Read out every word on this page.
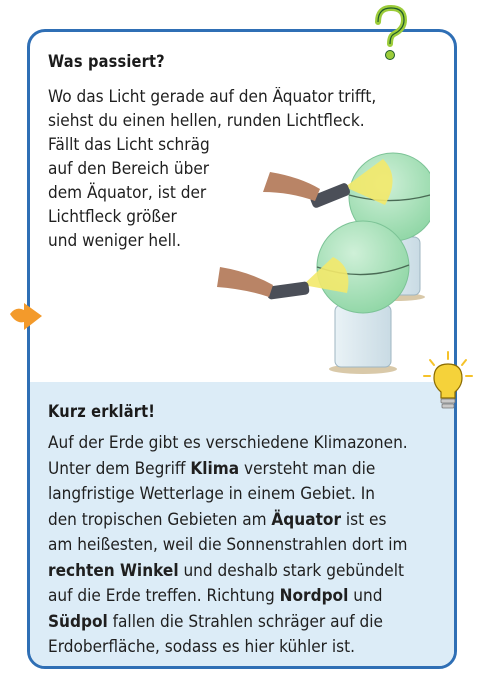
Was passiert?
Wo das Licht gerade auf den Äquator trifft,
siehst du einen hellen, runden Lichtfleck.
Fällt das Licht schräg
auf den Bereich über
dem Äquator, ist der
Lichtfleck größer
und weniger hell.
Kurz erklärt!
Auf der Erde gibt es verschiedene Klimazonen.
Unter dem Begriff Klima versteht man die
langfristige Wetterlage in einem Gebiet. In
den tropischen Gebieten am Äquator ist es
am heißesten, weil die Sonnenstrahlen dort im
rechten Winkel und deshalb stark gebündelt
auf die Erde treffen. Richtung Nordpol und
Südpol fallen die Strahlen schräger auf die
Erdoberfläche, sodass es hier kühler ist.
